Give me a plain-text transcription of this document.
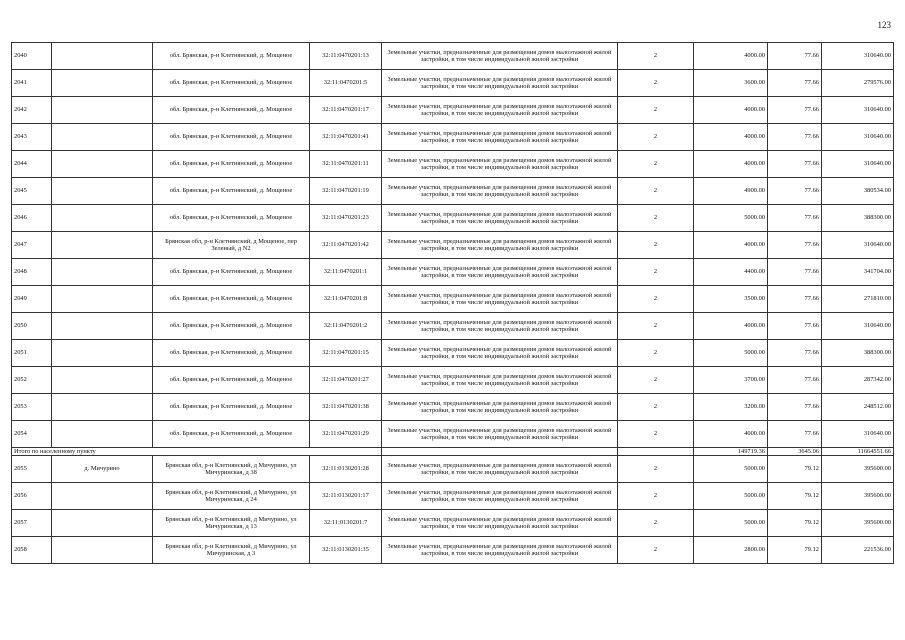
123
2040		обл. Брянская, р-н Клетнянский, д. Мощеное	32:11:0470201:13	Земельные участки, предназначенные для размещения домов малоэтажной жилой застройки, в том числе индивидуальной жилой застройки	2	4000.00	77.66	310640.00
2041		обл. Брянская, р-н Клетнянский, д. Мощеное	32:11:0470201:5	Земельные участки, предназначенные для размещения домов малоэтажной жилой застройки, в том числе индивидуальной жилой застройки	2	3600.00	77.66	279576.00
2042		обл. Брянская, р-н Клетнянский, д. Мощеное	32:11:0470201:17	Земельные участки, предназначенные для размещения домов малоэтажной жилой застройки, в том числе индивидуальной жилой застройки	2	4000.00	77.66	310640.00
2043		обл. Брянская, р-н Клетнянский, д. Мощеное	32:11:0470201:41	Земельные участки, предназначенные для размещения домов малоэтажной жилой застройки, в том числе индивидуальной жилой застройки	2	4000.00	77.66	310640.00
2044		обл. Брянская, р-н Клетнянский, д. Мощеное	32:11:0470201:11	Земельные участки, предназначенные для размещения домов малоэтажной жилой застройки, в том числе индивидуальной жилой застройки	2	4000.00	77.66	310640.00
2045		обл. Брянская, р-н Клетнянский, д. Мощеное	32:11:0470201:19	Земельные участки, предназначенные для размещения домов малоэтажной жилой застройки, в том числе индивидуальной жилой застройки	2	4900.00	77.66	380534.00
2046		обл. Брянская, р-н Клетнянский, д. Мощеное	32:11:0470201:23	Земельные участки, предназначенные для размещения домов малоэтажной жилой застройки, в том числе индивидуальной жилой застройки	2	5000.00	77.66	388300.00
2047		Брянская обл, р-н Клетнянский, д Мощеное, пер Зеленый, д N2	32:11:0470201:42	Земельные участки, предназначенные для размещения домов малоэтажной жилой застройки, в том числе индивидуальной жилой застройки	2	4000.00	77.66	310640.00
2048		обл. Брянская, р-н Клетнянский, д. Мощеное	32:11:0470201:1	Земельные участки, предназначенные для размещения домов малоэтажной жилой застройки, в том числе индивидуальной жилой застройки	2	4400.00	77.66	341704.00
2049		обл. Брянская, р-н Клетнянский, д. Мощеное	32:11:0470201:8	Земельные участки, предназначенные для размещения домов малоэтажной жилой застройки, в том числе индивидуальной жилой застройки	2	3500.00	77.66	271810.00
2050		обл. Брянская, р-н Клетнянский, д. Мощеное	32:11:0470201:2	Земельные участки, предназначенные для размещения домов малоэтажной жилой застройки, в том числе индивидуальной жилой застройки	2	4000.00	77.66	310640.00
2051		обл. Брянская, р-н Клетнянский, д. Мощеное	32:11:0470201:15	Земельные участки, предназначенные для размещения домов малоэтажной жилой застройки, в том числе индивидуальной жилой застройки	2	5000.00	77.66	388300.00
2052		обл. Брянская, р-н Клетнянский, д. Мощеное	32:11:0470201:27	Земельные участки, предназначенные для размещения домов малоэтажной жилой застройки, в том числе индивидуальной жилой застройки	2	3700.00	77.66	287342.00
2053		обл. Брянская, р-н Клетнянский, д. Мощеное	32:11:0470201:38	Земельные участки, предназначенные для размещения домов малоэтажной жилой застройки, в том числе индивидуальной жилой застройки	2	3200.00	77.66	248512.00
2054		обл. Брянская, р-н Клетнянский, д. Мощеное	32:11:0470201:29	Земельные участки, предназначенные для размещения домов малоэтажной жилой застройки, в том числе индивидуальной жилой застройки	2	4000.00	77.66	310640.00
Итого по населенному пункту						149719.36	3645.06	11664551.66
2055	д. Мичурино	Брянская обл, р-н Клетнянский, д Мичурино, ул Мичуринская, д 38	32:11:0130201:28	Земельные участки, предназначенные для размещения домов малоэтажной жилой застройки, в том числе индивидуальной жилой застройки	2	5000.00	79.12	395600.00
2056		Брянская обл, р-н Клетнянский, д Мичурино, ул Мичуринская, д 24	32:11:0130201:17	Земельные участки, предназначенные для размещения домов малоэтажной жилой застройки, в том числе индивидуальной жилой застройки	2	5000.00	79.12	395600.00
2057		Брянская обл, р-н Клетнянский, д Мичурино, ул Мичуринская, д 13	32:11:0130201:7	Земельные участки, предназначенные для размещения домов малоэтажной жилой застройки, в том числе индивидуальной жилой застройки	2	5000.00	79.12	395600.00
2058		Брянская обл, р-н Клетнянский, д Мичурино, ул Мичуринская, д 3	32:11:0130201:35	Земельные участки, предназначенные для размещения домов малоэтажной жилой застройки, в том числе индивидуальной жилой застройки	2	2800.00	79.12	221536.00
